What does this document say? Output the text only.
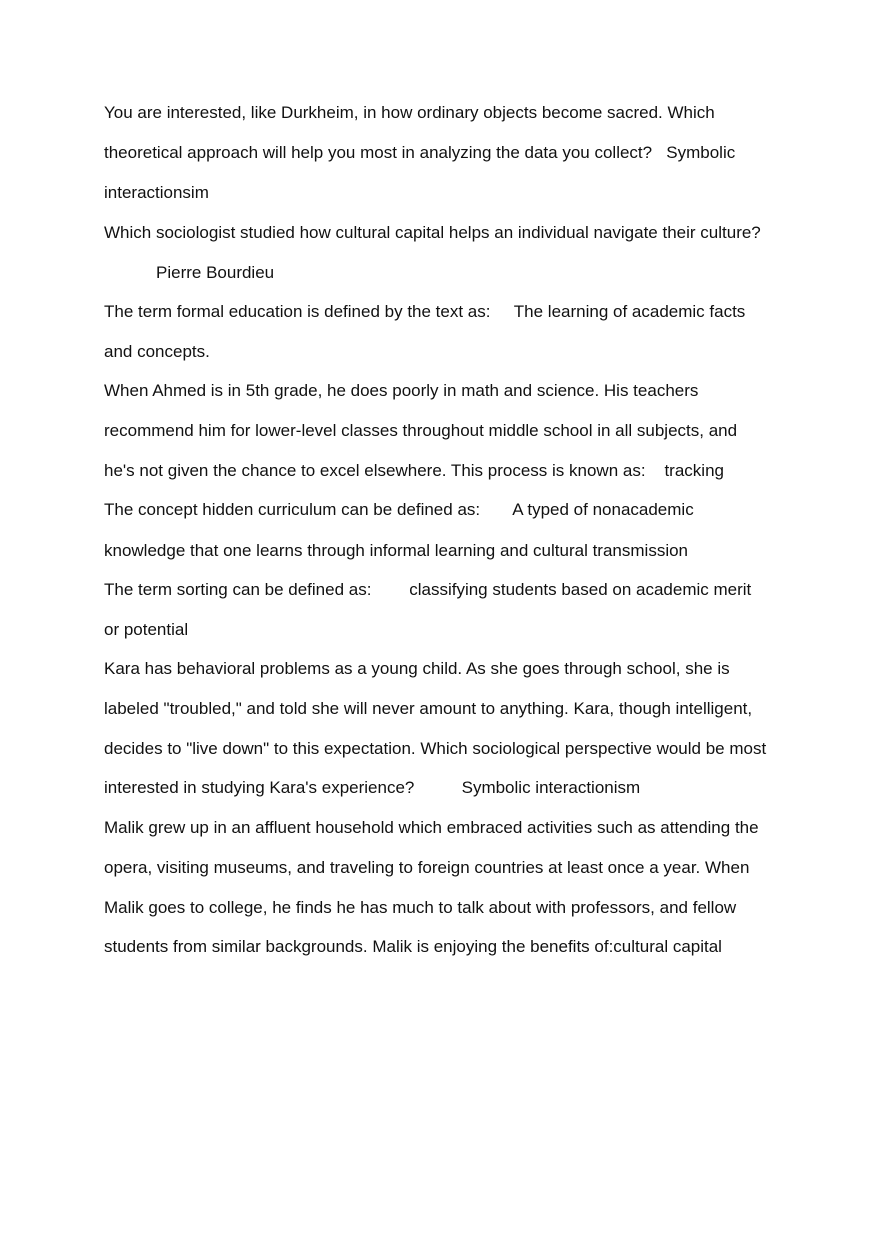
You are interested, like Durkheim, in how ordinary objects become sacred. Which
theoretical approach will help you most in analyzing the data you collect?   Symbolic
interactionsim
Which sociologist studied how cultural capital helps an individual navigate their culture?
Pierre Bourdieu
The term formal education is defined by the text as:     The learning of academic facts
and concepts.
When Ahmed is in 5th grade, he does poorly in math and science. His teachers
recommend him for lower-level classes throughout middle school in all subjects, and
he's not given the chance to excel elsewhere. This process is known as:    tracking
The concept hidden curriculum can be defined as:       A typed of nonacademic
knowledge that one learns through informal learning and cultural transmission
The term sorting can be defined as:        classifying students based on academic merit
or potential
Kara has behavioral problems as a young child. As she goes through school, she is
labeled "troubled," and told she will never amount to anything. Kara, though intelligent,
decides to "live down" to this expectation. Which sociological perspective would be most
interested in studying Kara's experience?          Symbolic interactionism
Malik grew up in an affluent household which embraced activities such as attending the
opera, visiting museums, and traveling to foreign countries at least once a year. When
Malik goes to college, he finds he has much to talk about with professors, and fellow
students from similar backgrounds. Malik is enjoying the benefits of:cultural capital
